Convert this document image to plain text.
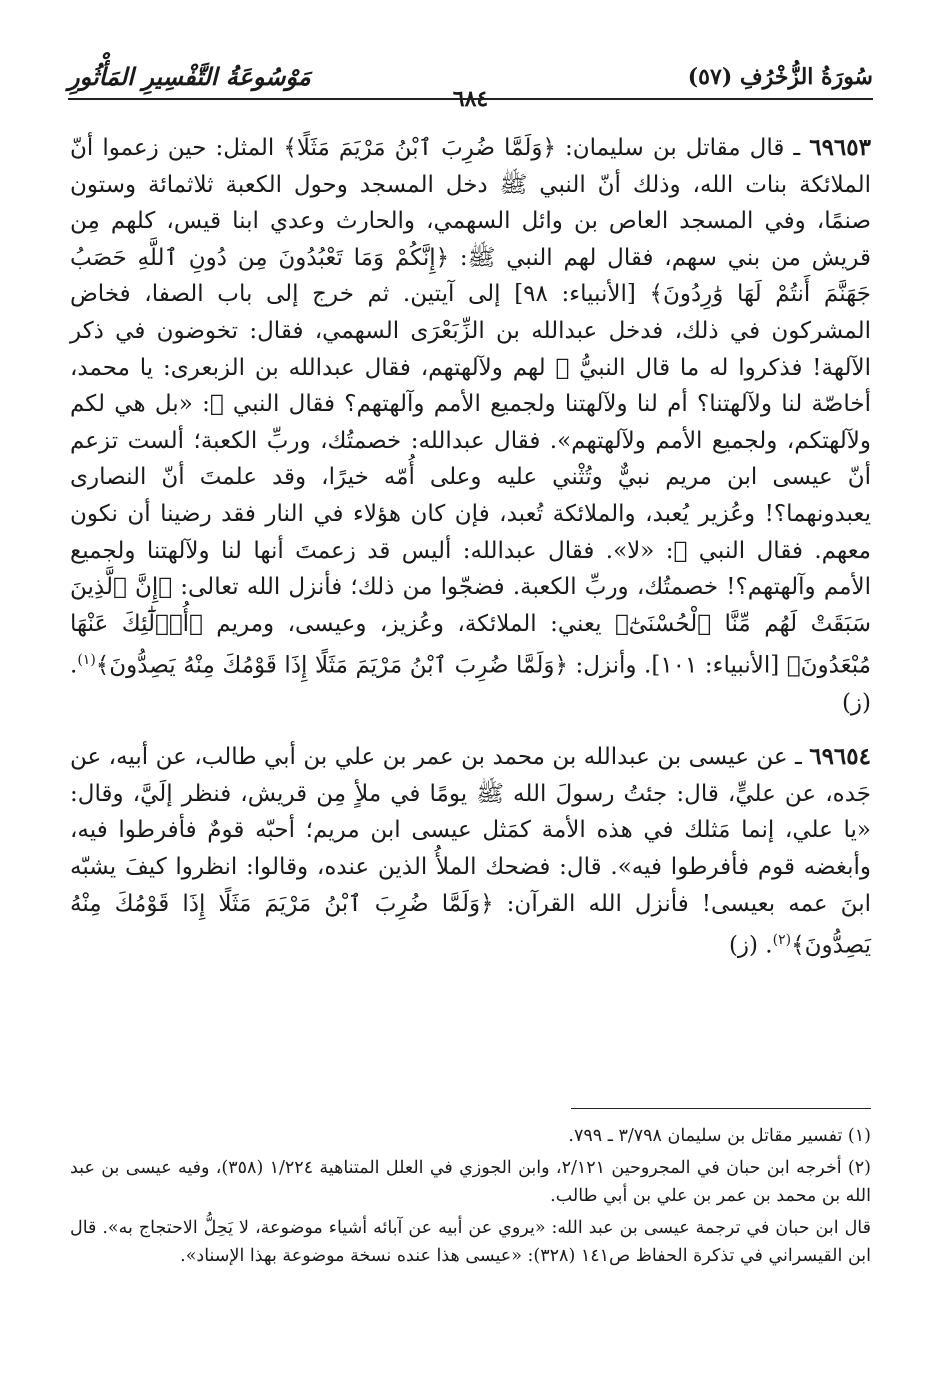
سُورَةُ الزُّخْرُفِ (٥٧)
مَوْسُوعَةُ التَّفْسِيرِ المَأْثُورِ
٦٨٤

٦٩٦٥٣ ـ قال مقاتل بن سليمان: ﴿وَلَمَّا ضُرِبَ ٱبْنُ مَرْيَمَ مَثَلًا﴾ المثل: حين زعموا أنّ الملائكة بنات الله، وذلك أنّ النبي ﷺ دخل المسجد وحول الكعبة ثلاثمائة وستون صنمًا، وفي المسجد العاص بن وائل السهمي، والحارث وعدي ابنا قيس، كلهم مِن قريش من بني سهم، فقال لهم النبي ﷺ: ﴿إِنَّكُمْ وَمَا تَعْبُدُونَ مِن دُونِ ٱللَّهِ حَصَبُ جَهَنَّمَ أَنتُمْ لَهَا وَٰرِدُونَ﴾ [الأنبياء: ٩٨] إلى آيتين. ثم خرج إلى باب الصفا، فخاض المشركون في ذلك، فدخل عبدالله بن الزِّبَعْرَى السهمي، فقال: تخوضون في ذكر الآلهة! فذكروا له ما قال النبيُّ ﷺ لهم ولآلهتهم، فقال عبدالله بن الزبعرى: يا محمد، أخاصّة لنا ولآلهتنا؟ أم لنا ولآلهتنا ولجميع الأمم وآلهتهم؟ فقال النبي ﷺ: «بل هي لكم ولآلهتكم، ولجميع الأمم ولآلهتهم». فقال عبدالله: خصمتُك، وربِّ الكعبة؛ ألست تزعم أنّ عيسى ابن مريم نبيٌّ وتُثْني عليه وعلى أُمّه خيرًا، وقد علمتَ أنّ النصارى يعبدونهما؟! وعُزير يُعبد، والملائكة تُعبد، فإن كان هؤلاء في النار فقد رضينا أن نكون معهم. فقال النبي ﷺ: «لا». فقال عبدالله: أليس قد زعمتَ أنها لنا ولآلهتنا ولجميع الأمم وآلهتهم؟! خصمتُك، وربِّ الكعبة. فضجّوا من ذلك؛ فأنزل الله تعالى: ﴿إِنَّ ٱلَّذِينَ سَبَقَتْ لَهُم مِّنَّا ٱلْحُسْنَىٰٓ﴾ يعني: الملائكة، وعُزيز، وعيسى، ومريم ﴿أُو۟لَٰٓئِكَ عَنْهَا مُبْعَدُونَ﴾ [الأنبياء: ١٠١]. وأنزل: ﴿وَلَمَّا ضُرِبَ ٱبْنُ مَرْيَمَ مَثَلًا إِذَا قَوْمُكَ مِنْهُ يَصِدُّونَ﴾$^{(١)}$. (ز)

٦٩٦٥٤ ـ عن عيسى بن عبدالله بن محمد بن عمر بن علي بن أبي طالب، عن أبيه، عن جَده، عن عليٍّ، قال: جئتُ رسولَ الله ﷺ يومًا في ملأٍ مِن قريش، فنظر إلَيَّ، وقال: «يا علي، إنما مَثلك في هذه الأمة كمَثل عيسى ابن مريم؛ أحبّه قومٌ فأفرطوا فيه، وأبغضه قوم فأفرطوا فيه». قال: فضحك الملأُ الذين عنده، وقالوا: انظروا كيفَ يشبّه ابنَ عمه بعيسى! فأنزل الله القرآن: ﴿وَلَمَّا ضُرِبَ ٱبْنُ مَرْيَمَ مَثَلًا إِذَا قَوْمُكَ مِنْهُ يَصِدُّونَ﴾$^{(٢)}$. (ز)

(١) تفسير مقاتل بن سليمان ٣/٧٩٨ ـ ٧٩٩.

(٢) أخرجه ابن حبان في المجروحين ٢/١٢١، وابن الجوزي في العلل المتناهية ١/٢٢٤ (٣٥٨)، وفيه عيسى بن عبد الله بن محمد بن عمر بن علي بن أبي طالب.

قال ابن حبان في ترجمة عيسى بن عبد الله: «يروي عن أبيه عن آبائه أشياء موضوعة، لا يَحِلُّ الاحتجاج به». قال ابن القيسراني في تذكرة الحفاظ ص١٤١ (٣٢٨): «عيسى هذا عنده نسخة موضوعة بهذا الإسناد».
